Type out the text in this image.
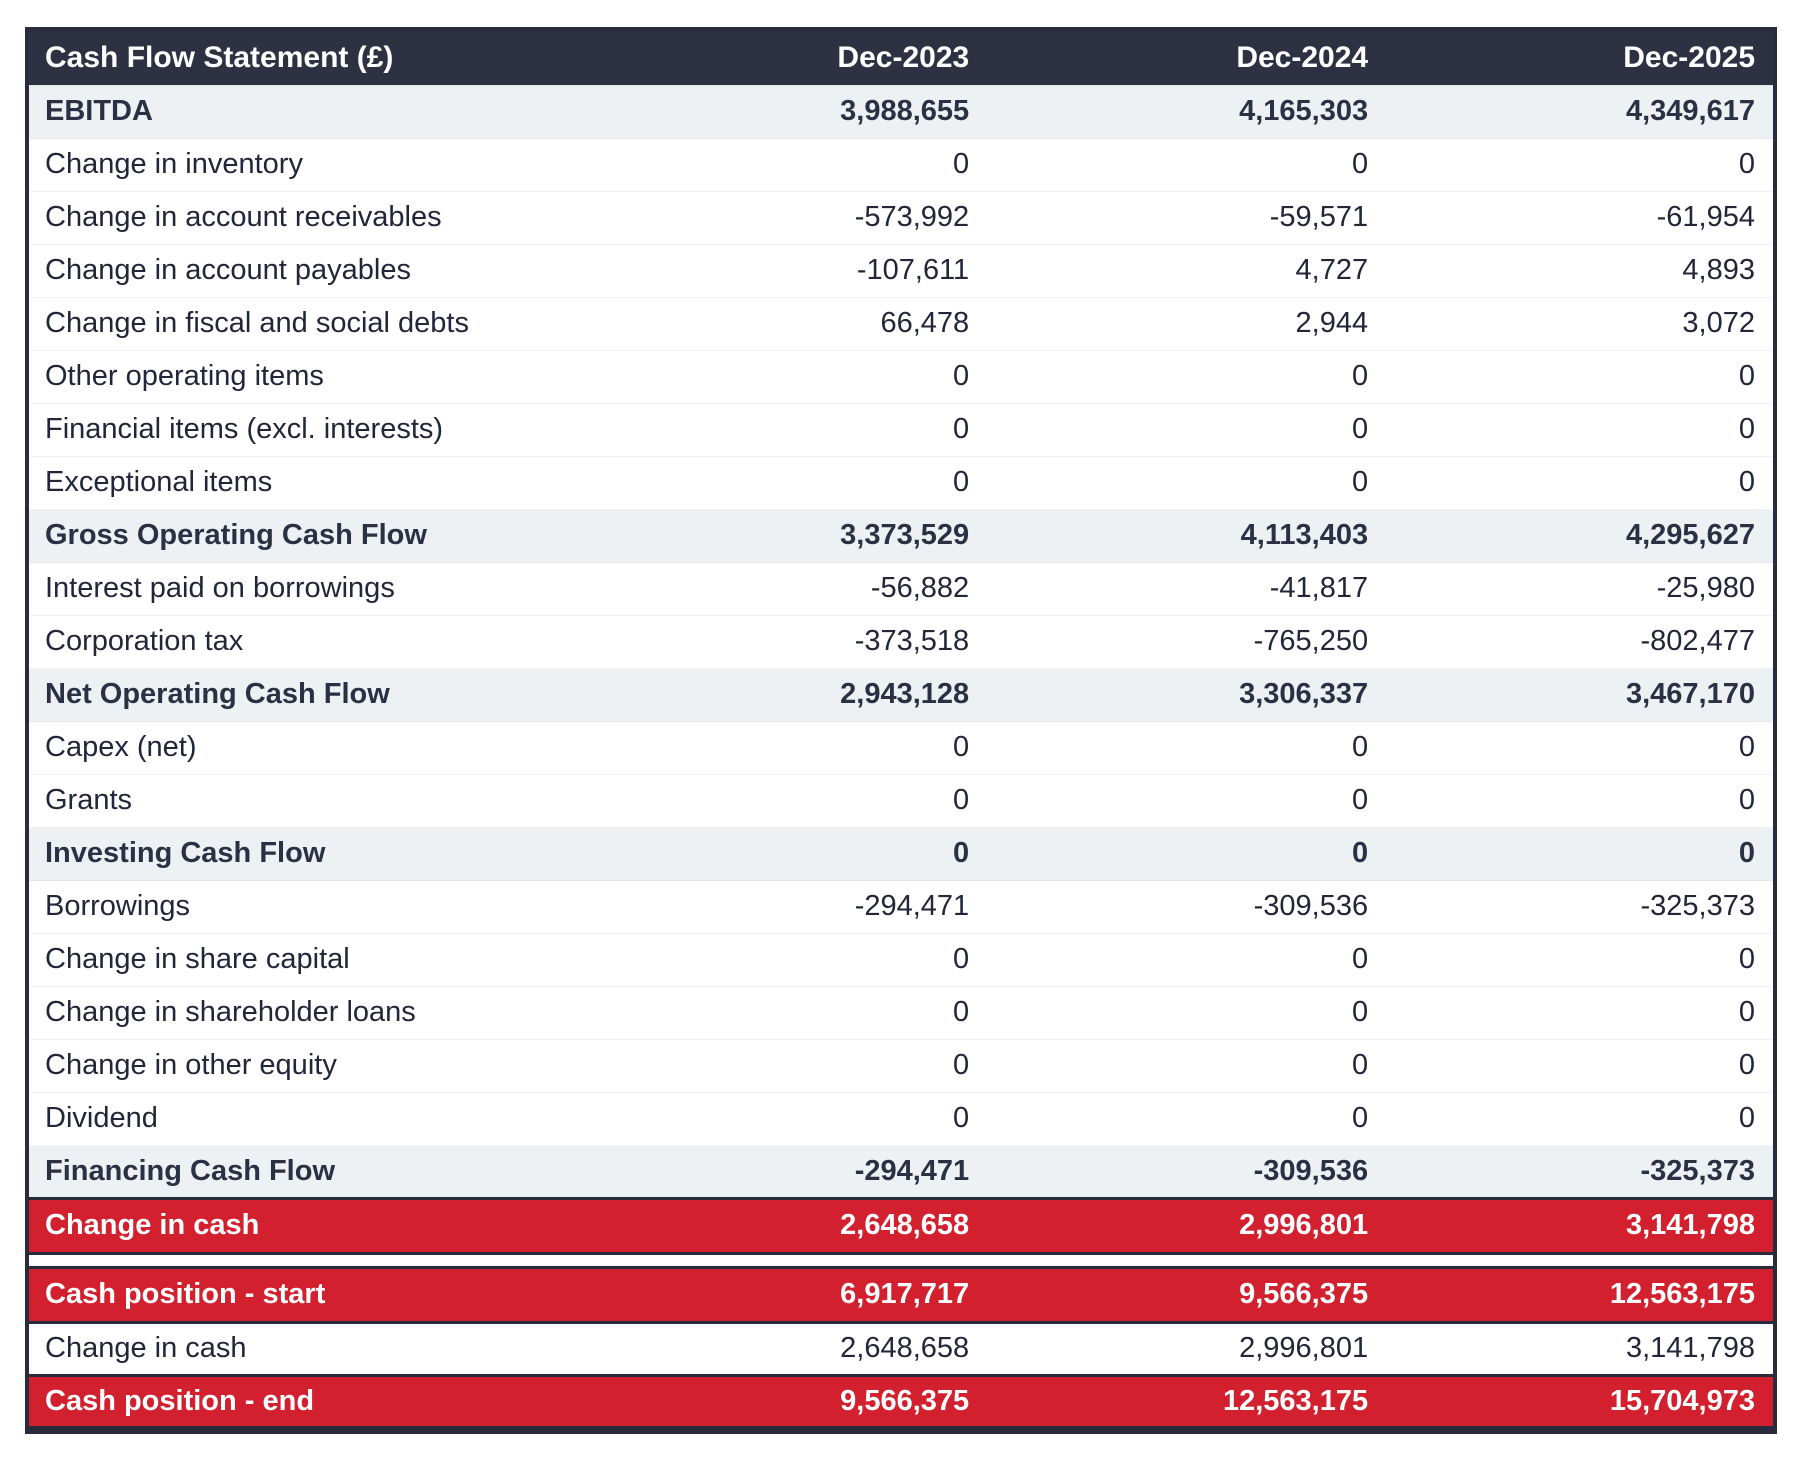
Cash Flow Statement (£)	Dec-2023	Dec-2024	Dec-2025
EBITDA	3,988,655	4,165,303	4,349,617
Change in inventory	0	0	0
Change in account receivables	-573,992	-59,571	-61,954
Change in account payables	-107,611	4,727	4,893
Change in fiscal and social debts	66,478	2,944	3,072
Other operating items	0	0	0
Financial items (excl. interests)	0	0	0
Exceptional items	0	0	0
Gross Operating Cash Flow	3,373,529	4,113,403	4,295,627
Interest paid on borrowings	-56,882	-41,817	-25,980
Corporation tax	-373,518	-765,250	-802,477
Net Operating Cash Flow	2,943,128	3,306,337	3,467,170
Capex (net)	0	0	0
Grants	0	0	0
Investing Cash Flow	0	0	0
Borrowings	-294,471	-309,536	-325,373
Change in share capital	0	0	0
Change in shareholder loans	0	0	0
Change in other equity	0	0	0
Dividend	0	0	0
Financing Cash Flow	-294,471	-309,536	-325,373
Change in cash	2,648,658	2,996,801	3,141,798

Cash position - start	6,917,717	9,566,375	12,563,175
Change in cash	2,648,658	2,996,801	3,141,798
Cash position - end	9,566,375	12,563,175	15,704,973
